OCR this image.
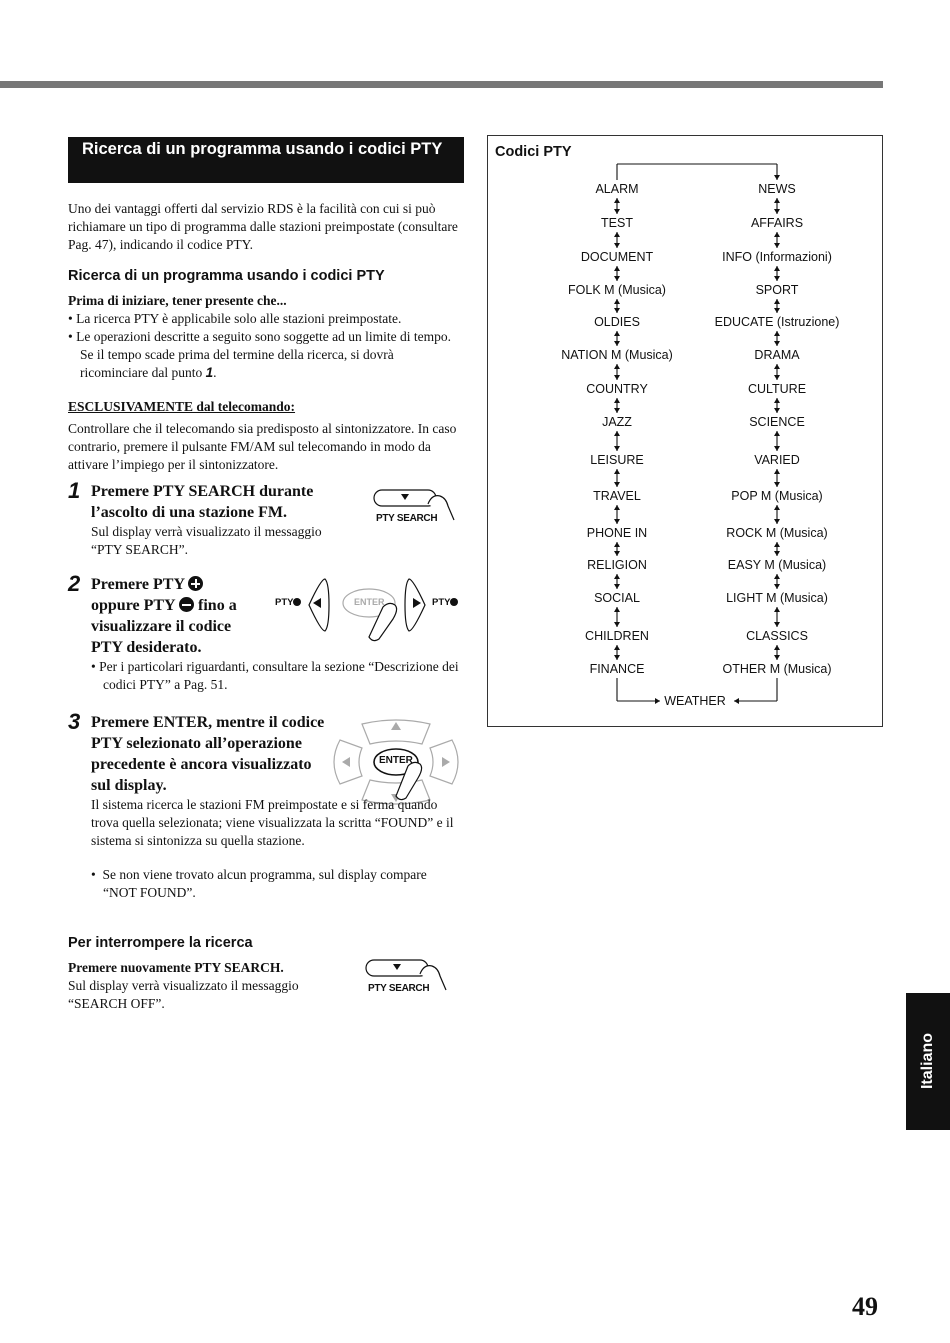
Ricerca di un programma usando i codici PTY
Uno dei vantaggi offerti dal servizio RDS è la facilità con cui si può richiamare un tipo di programma dalle stazioni preimpostate (consultare Pag. 47), indicando il codice PTY.
Ricerca di un programma usando i codici PTY
Prima di iniziare, tener presente che...
• La ricerca PTY è applicabile solo alle stazioni preimpostate.
• Le operazioni descritte a seguito sono soggette ad un limite di tempo. Se il tempo scade prima del termine della ricerca, si dovrà ricominciare dal punto 1.
ESCLUSIVAMENTE dal telecomando:
Controllare che il telecomando sia predisposto al sintonizzatore. In caso contrario, premere il pulsante FM/AM sul telecomando in modo da attivare l’impiego per il sintonizzatore.
1 Premere PTY SEARCH durante l’ascolto di una stazione FM.
Sul display verrà visualizzato il messaggio “PTY SEARCH”.
PTY SEARCH
2 Premere PTY

oppure PTY fino a visualizzare il codice PTY desiderato.
PTY	ENTER	PTY
• Per i particolari riguardanti, consultare la sezione “Descrizione dei codici PTY” a Pag. 51.
3 Premere ENTER, mentre il codice PTY selezionato all’operazione precedente è ancora visualizzato sul display.
ENTER
Il sistema ricerca le stazioni FM preimpostate e si ferma quando trova quella selezionata; viene visualizzata la scritta “FOUND” e il sistema si sintonizza su quella stazione.
•  Se non viene trovato alcun programma, sul display compare “NOT FOUND”.
Per interrompere la ricerca
Premere nuovamente PTY SEARCH.
Sul display verrà visualizzato il messaggio “SEARCH OFF”.
PTY SEARCH
Codici PTY
ALARM
TEST
DOCUMENT
FOLK M (Musica)
OLDIES
NATION M (Musica)
COUNTRY
JAZZ
LEISURE
TRAVEL
PHONE IN
RELIGION
SOCIAL
CHILDREN
FINANCE
NEWS
AFFAIRS
INFO (Informazioni)
SPORT
EDUCATE (Istruzione)
DRAMA
CULTURE
SCIENCE
VARIED
POP M (Musica)
ROCK M (Musica)
EASY M (Musica)
LIGHT M (Musica)
CLASSICS
OTHER M (Musica)
WEATHER
Italiano
49
